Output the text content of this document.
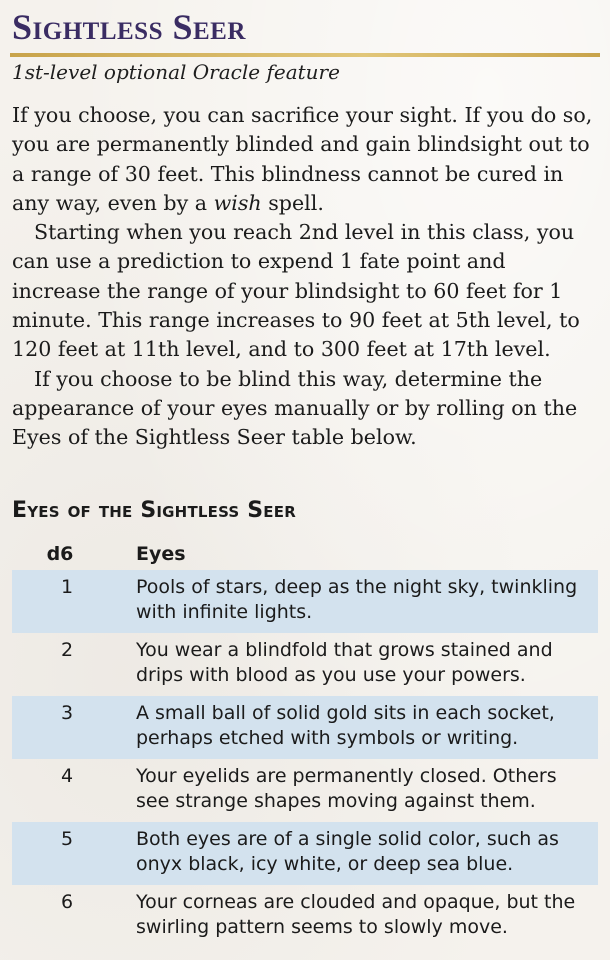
Sightless Seer
1st-level optional Oracle feature

If you choose, you can sacrifice your sight. If you do so, you are permanently blinded and gain blindsight out to a range of 30 feet. This blindness cannot be cured in any way, even by a wish spell.

Starting when you reach 2nd level in this class, you can use a prediction to expend 1 fate point and increase the range of your blindsight to 60 feet for 1 minute. This range increases to 90 feet at 5th level, to 120 feet at 11th level, and to 300 feet at 17th level.

If you choose to be blind this way, determine the appearance of your eyes manually or by rolling on the Eyes of the Sightless Seer table below.

Eyes of the Sightless Seer
d6	Eyes
1	Pools of stars, deep as the night sky, twinkling with infinite lights.
2	You wear a blindfold that grows stained and drips with blood as you use your powers.
3	A small ball of solid gold sits in each socket, perhaps etched with symbols or writing.
4	Your eyelids are permanently closed. Others see strange shapes moving against them.
5	Both eyes are of a single solid color, such as onyx black, icy white, or deep sea blue.
6	Your corneas are clouded and opaque, but the swirling pattern seems to slowly move.
